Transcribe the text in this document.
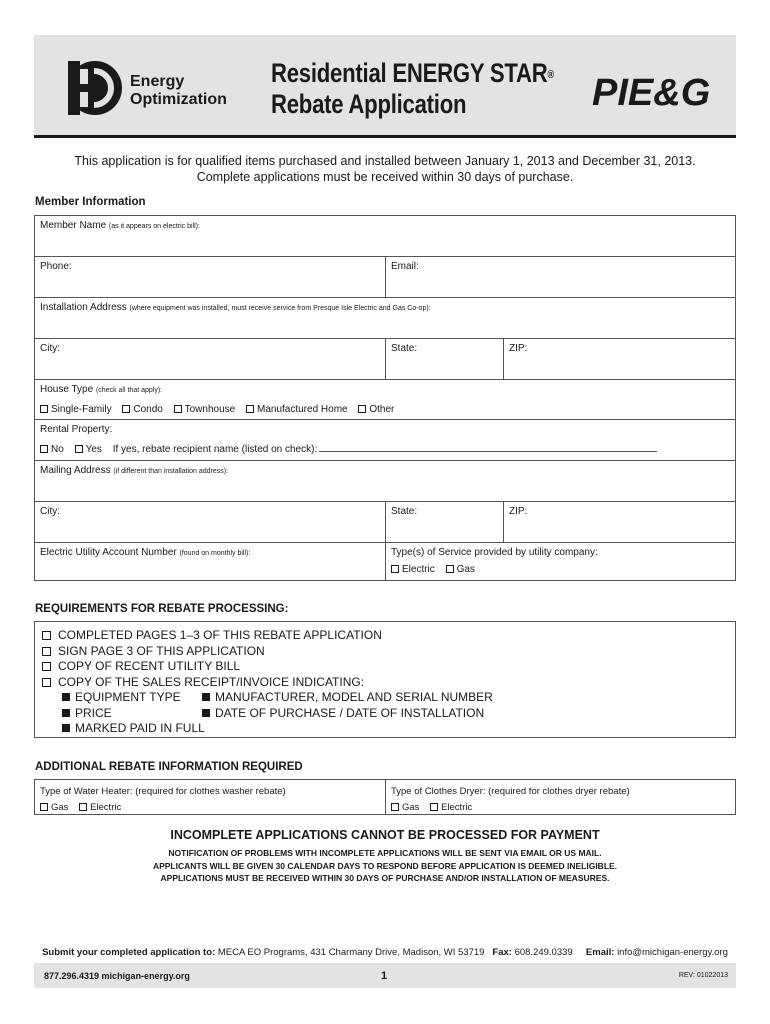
Energy
Optimization
Residential ENERGY STAR®
Rebate Application	PIE&G
This application is for qualified items purchased and installed between January 1, 2013 and December 31, 2013.
Complete applications must be received within 30 days of purchase.
Member Information
Member Name (as it appears on electric bill):
Phone:	Email:
Installation Address (where equipment was installed, must receive service from Presque Isle Electric and Gas Co-op):
City:	State:	ZIP:
House Type (check all that apply):
Single-Family Condo Townhouse Manufactured Home Other
Rental Property:
No Yes If yes, rebate recipient name (listed on check):
Mailing Address (if different than installation address):
City:	State:	ZIP:
Electric Utility Account Number (found on monthly bill):	Type(s) of Service provided by utility company:
Electric Gas
REQUIREMENTS FOR REBATE PROCESSING:
COMPLETED PAGES 1–3 OF THIS REBATE APPLICATION
SIGN PAGE 3 OF THIS APPLICATION
COPY OF RECENT UTILITY BILL
COPY OF THE SALES RECEIPT/INVOICE INDICATING:
EQUIPMENT TYPE	MANUFACTURER, MODEL AND SERIAL NUMBER
PRICE	DATE OF PURCHASE / DATE OF INSTALLATION
MARKED PAID IN FULL
ADDITIONAL REBATE INFORMATION REQUIRED
Type of Water Heater: (required for clothes washer rebate)
Gas Electric
Type of Clothes Dryer: (required for clothes dryer rebate)
Gas Electric
INCOMPLETE APPLICATIONS CANNOT BE PROCESSED FOR PAYMENT
NOTIFICATION OF PROBLEMS WITH INCOMPLETE APPLICATIONS WILL BE SENT VIA EMAIL OR US MAIL.
APPLICANTS WILL BE GIVEN 30 CALENDAR DAYS TO RESPOND BEFORE APPLICATION IS DEEMED INELIGIBLE.
APPLICATIONS MUST BE RECEIVED WITHIN 30 DAYS OF PURCHASE AND/OR INSTALLATION OF MEASURES.
Submit your completed application to: MECA EO Programs, 431 Charmany Drive, Madison, WI 53719 Fax: 608.249.0339 Email: info@michigan-energy.org
877.296.4319 michigan-energy.org	1	REV: 01022013
